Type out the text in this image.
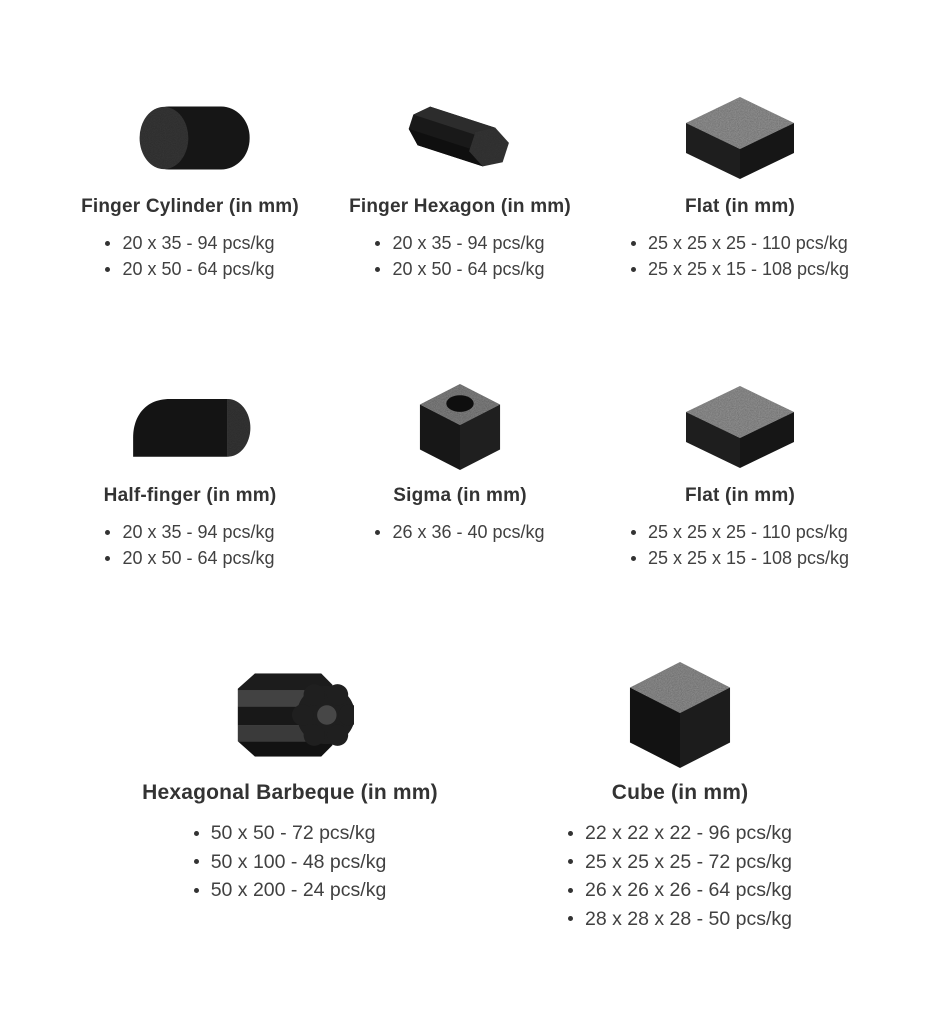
Finger Cylinder (in mm)
20 x 35 - 94 pcs/kg
20 x 50 - 64 pcs/kg
Finger Hexagon (in mm)
20 x 35 - 94 pcs/kg
20 x 50 - 64 pcs/kg
Flat (in mm)
25 x 25 x 25 - 110 pcs/kg
25 x 25 x 15 - 108 pcs/kg
Half-finger (in mm)
20 x 35 - 94 pcs/kg
20 x 50 - 64 pcs/kg
Sigma (in mm)
26 x 36 - 40 pcs/kg
Flat (in mm)
25 x 25 x 25 - 110 pcs/kg
25 x 25 x 15 - 108 pcs/kg
Hexagonal Barbeque (in mm)
50 x 50 - 72 pcs/kg
50 x 100 - 48 pcs/kg
50 x 200 - 24 pcs/kg
Cube (in mm)
22 x 22 x 22 - 96 pcs/kg
25 x 25 x 25 - 72 pcs/kg
26 x 26 x 26 - 64 pcs/kg
28 x 28 x 28 - 50 pcs/kg
